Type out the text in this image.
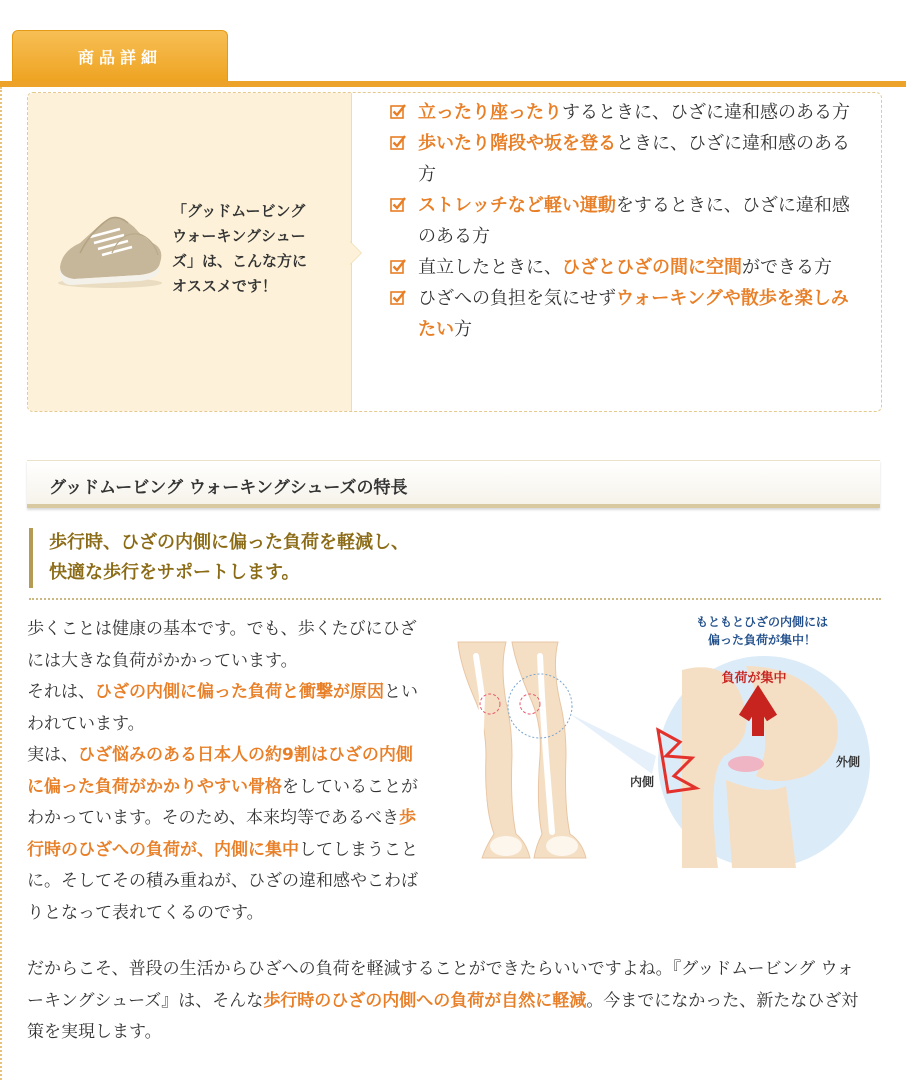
商品詳細
「グッドムービング
ウォーキングシュー
ズ」は、こんな方に
オススメです！
立ったり座ったりするときに、ひざに違和感のある方
歩いたり階段や坂を登るときに、ひざに違和感のある方
ストレッチなど軽い運動をするときに、ひざに違和感のある方
直立したときに、ひざとひざの間に空間ができる方
ひざへの負担を気にせずウォーキングや散歩を楽しみたい方
グッドムービング ウォーキングシューズの特長
歩行時、ひざの内側に偏った負荷を軽減し、
快適な歩行をサポートします。
歩くことは健康の基本です。でも、歩くたびにひざには大きな負荷がかかっています。
それは、ひざの内側に偏った負荷と衝撃が原因といわれています。
実は、ひざ悩みのある日本人の約9割はひざの内側に偏った負荷がかかりやすい骨格をしていることがわかっています。そのため、本来均等であるべき歩行時のひざへの負荷が、内側に集中してしまうことに。そしてその積み重ねが、ひざの違和感やこわばりとなって表れてくるのです。
だからこそ、普段の生活からひざへの負荷を軽減することができたらいいですよね。『グッドムービング ウォーキングシューズ』は、そんな歩行時のひざの内側への負荷が自然に軽減。今までになかった、新たなひざ対策を実現します。
もともとひざの内側には
偏った負荷が集中！
負荷が集中
内側
外側
